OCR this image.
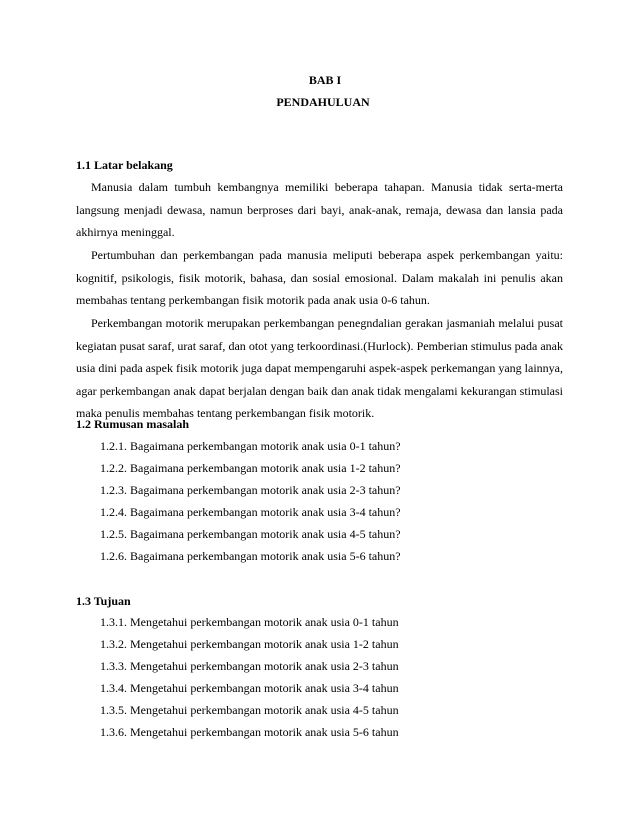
BAB I
PENDAHULUAN
1.1 Latar belakang
Manusia dalam tumbuh kembangnya memiliki beberapa tahapan. Manusia tidak serta-merta langsung menjadi dewasa, namun berproses dari bayi, anak-anak, remaja, dewasa dan lansia pada akhirnya meninggal.
Pertumbuhan dan perkembangan pada manusia meliputi beberapa aspek perkembangan yaitu: kognitif, psikologis, fisik motorik, bahasa, dan sosial emosional. Dalam makalah ini penulis akan membahas tentang perkembangan fisik motorik pada anak usia 0-6 tahun.
Perkembangan motorik merupakan perkembangan penegndalian gerakan jasmaniah melalui pusat kegiatan pusat saraf, urat saraf, dan otot yang terkoordinasi.(Hurlock). Pemberian stimulus pada anak usia dini pada aspek fisik motorik juga dapat mempengaruhi aspek-aspek perkemangan yang lainnya, agar perkembangan anak dapat berjalan dengan baik dan anak tidak mengalami kekurangan stimulasi maka penulis membahas tentang perkembangan fisik motorik.
1.2 Rumusan masalah
1.2.1. Bagaimana perkembangan motorik anak usia 0-1 tahun?
1.2.2. Bagaimana perkembangan motorik anak usia 1-2 tahun?
1.2.3. Bagaimana perkembangan motorik anak usia 2-3 tahun?
1.2.4. Bagaimana perkembangan motorik anak usia 3-4 tahun?
1.2.5. Bagaimana perkembangan motorik anak usia 4-5 tahun?
1.2.6. Bagaimana perkembangan motorik anak usia 5-6 tahun?
1.3 Tujuan
1.3.1. Mengetahui perkembangan motorik anak usia 0-1 tahun
1.3.2. Mengetahui perkembangan motorik anak usia 1-2 tahun
1.3.3. Mengetahui perkembangan motorik anak usia 2-3 tahun
1.3.4. Mengetahui perkembangan motorik anak usia 3-4 tahun
1.3.5. Mengetahui perkembangan motorik anak usia 4-5 tahun
1.3.6. Mengetahui perkembangan motorik anak usia 5-6 tahun
